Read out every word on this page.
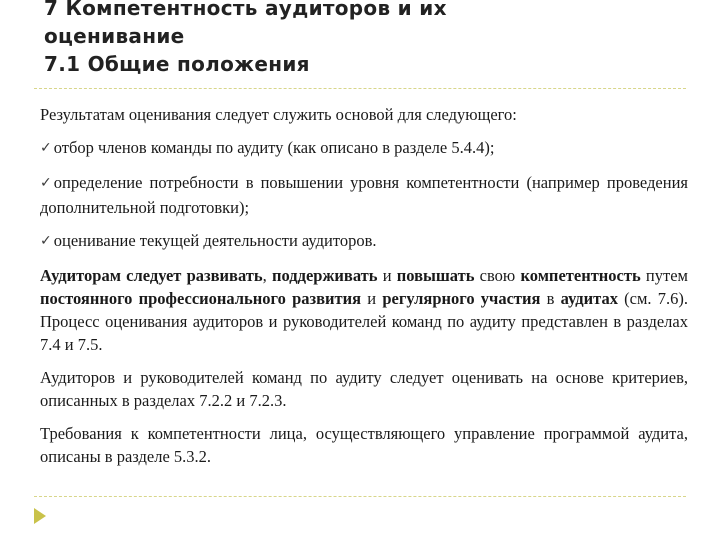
7 Компетентность аудиторов и их
оценивание
7.1 Общие положения

Результатам оценивания следует служить основой для следующего:

✓ отбор членов команды по аудиту (как описано в разделе 5.4.4);

✓ определение потребности в повышении уровня компетентности (например проведения дополнительной подготовки);

✓ оценивание текущей деятельности аудиторов.

Аудиторам следует развивать, поддерживать и повышать свою компетентность путем постоянного профессионального развития и регулярного участия в аудитах (см. 7.6). Процесс оценивания аудиторов и руководителей команд по аудиту представлен в разделах 7.4 и 7.5.

Аудиторов и руководителей команд по аудиту следует оценивать на основе критериев, описанных в разделах 7.2.2 и 7.2.3.

Требования к компетентности лица, осуществляющего управление программой аудита, описаны в разделе 5.3.2.
